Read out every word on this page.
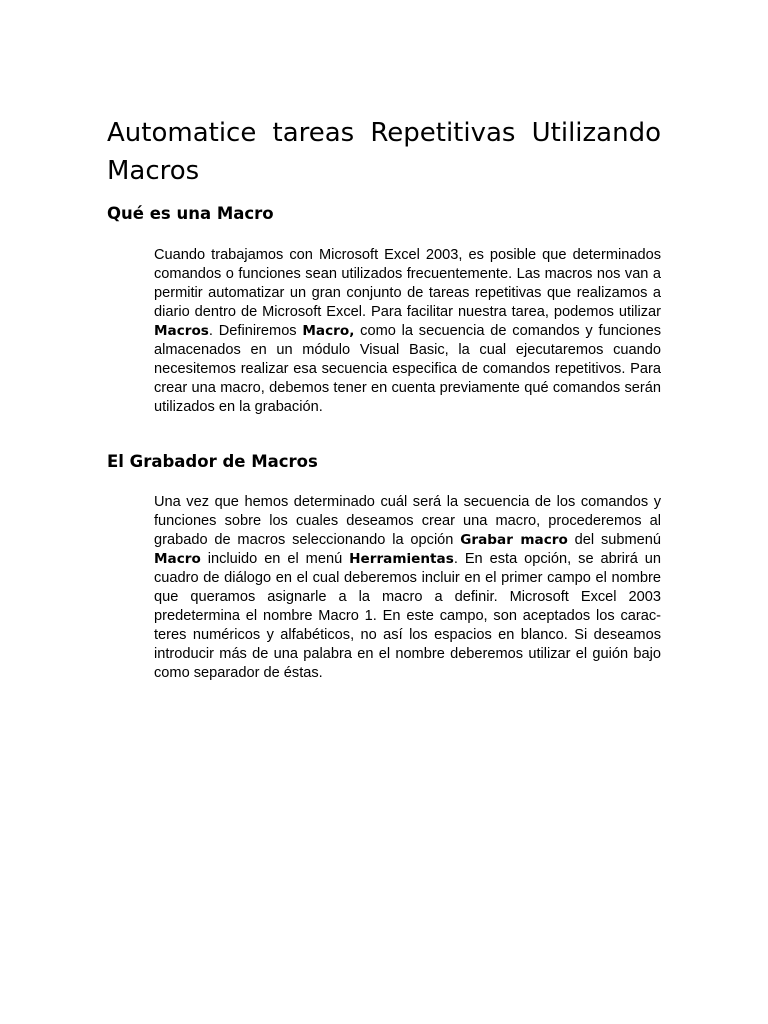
Automatice tareas Repetitivas Utilizando Macros
Qué es una Macro

Cuando trabajamos con Microsoft Excel 2003, es posible que determinados comandos o funciones sean utilizados frecuentemente. Las macros nos van a permitir automatizar un gran conjunto de tareas repetitivas que realizamos a diario dentro de Microsoft Excel. Para facilitar nuestra tarea, podemos utilizar Macros. Definiremos Macro, como la secuencia de comandos y funciones almacenados en un módulo Visual Basic, la cual ejecutaremos cuando necesitemos realizar esa secuencia especifica de comandos repetitivos. Para crear una macro, debemos tener en cuenta previamente qué comandos serán utilizados en la grabación.

El Grabador de Macros

Una vez que hemos determinado cuál será la secuencia de los comandos y funciones sobre los cuales deseamos crear una macro, procederemos al grabado de macros seleccionando la opción Grabar macro del submenú Macro incluido en el menú Herramientas. En esta opción, se abrirá un cuadro de diálogo en el cual deberemos incluir en el primer campo el nombre que queramos asignarle a la macro a definir. Microsoft Excel 2003 predetermina el nombre Macro 1. En este campo, son aceptados los caracteres numéricos y alfabéticos, no así los espacios en blanco. Si deseamos introducir más de una palabra en el nombre deberemos utilizar el guión bajo como separador de éstas.
